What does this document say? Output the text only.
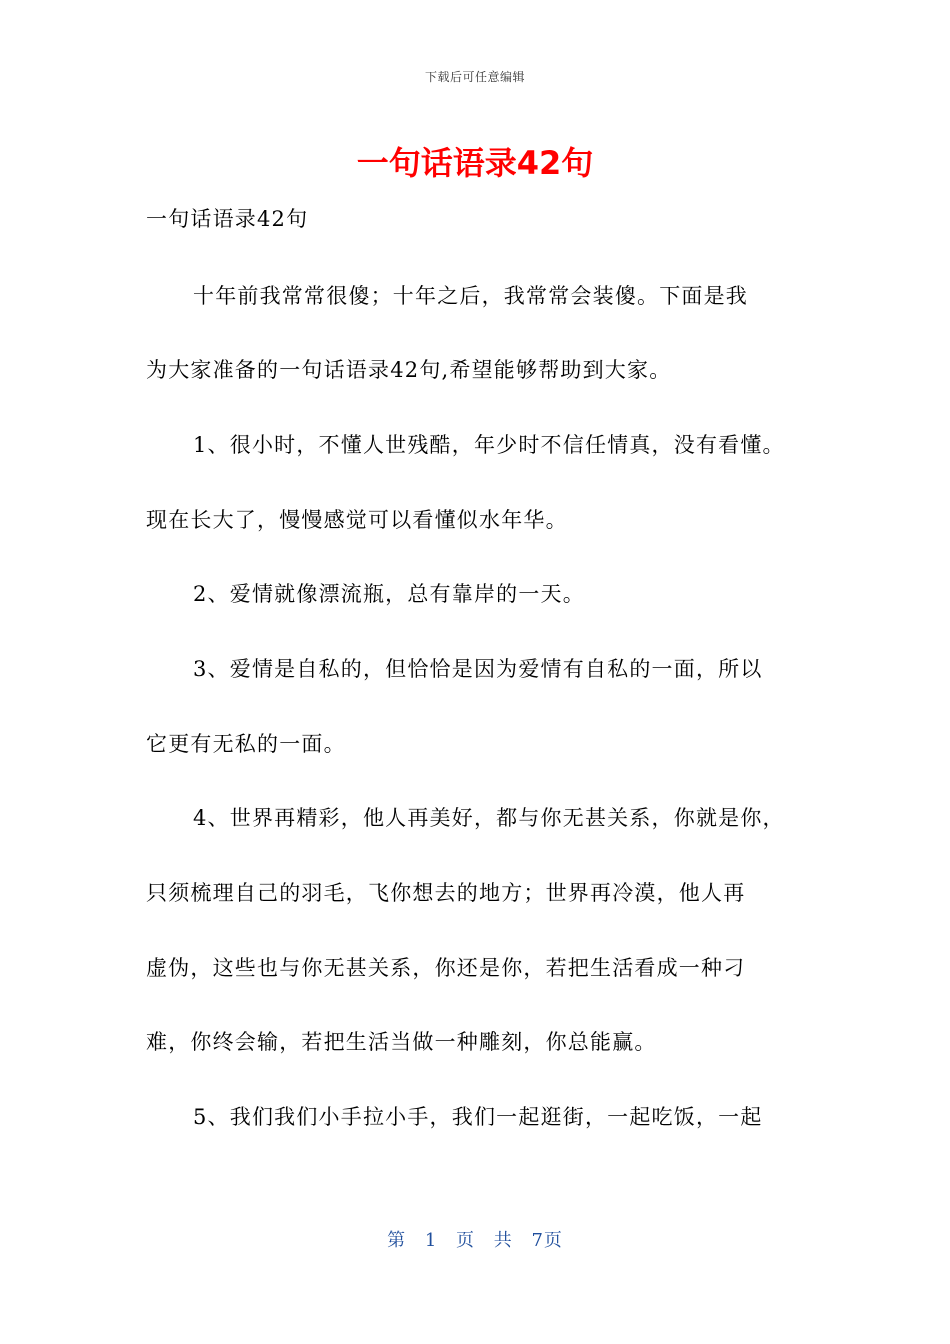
下载后可任意编辑
一句话语录42句
一句话语录42句
十年前我常常很傻；十年之后，我常常会装傻。下面是我
为大家准备的一句话语录42句,希望能够帮助到大家。
1、很小时，不懂人世残酷，年少时不信任情真，没有看懂。
现在长大了，慢慢感觉可以看懂似水年华。
2、爱情就像漂流瓶，总有靠岸的一天。
3、爱情是自私的，但恰恰是因为爱情有自私的一面，所以
它更有无私的一面。
4、世界再精彩，他人再美好，都与你无甚关系，你就是你，
只须梳理自己的羽毛，飞你想去的地方；世界再冷漠，他人再
虚伪，这些也与你无甚关系，你还是你，若把生活看成一种刁
难，你终会输，若把生活当做一种雕刻，你总能赢。
5、我们我们小手拉小手，我们一起逛街，一起吃饭，一起
第 1 页 共 7页
